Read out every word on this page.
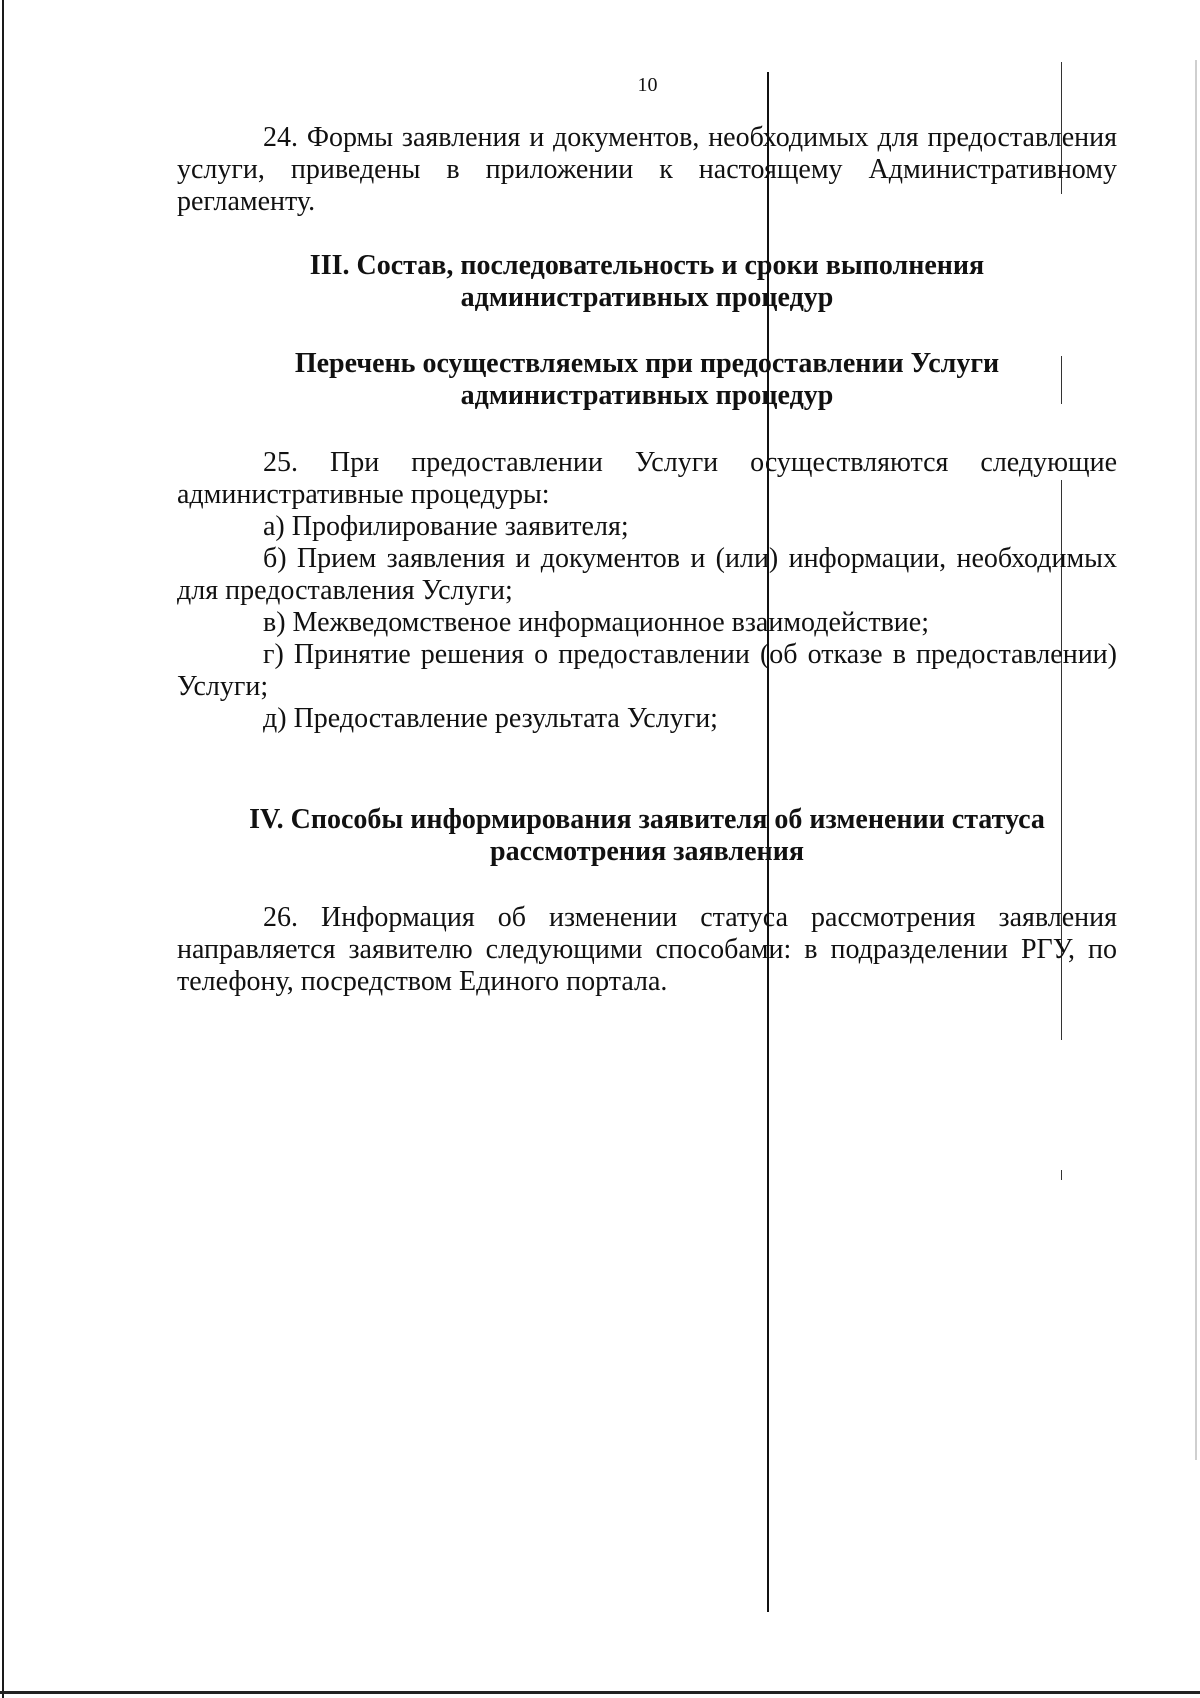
10

24. Формы заявления и документов, необходимых для предоставления услуги, приведены в приложении к настоящему Административному регламенту.

III. Состав, последовательность и сроки выполнения
административных процедур
Перечень осуществляемых при предоставлении Услуги
административных процедур

25. При предоставлении Услуги осуществляются следующие административные процедуры:

а) Профилирование заявителя;

б) Прием заявления и документов и (или) информации, необходимых для предоставления Услуги;

в) Межведомственое информационное взаимодействие;

г) Принятие решения о предоставлении (об отказе в предоставлении) Услуги;

д) Предоставление результата Услуги;

IV. Способы информирования заявителя об изменении статуса
рассмотрения заявления

26. Информация об изменении статуса рассмотрения заявления направляется заявителю следующими способами: в подразделении РГУ, по телефону, посредством Единого портала.
